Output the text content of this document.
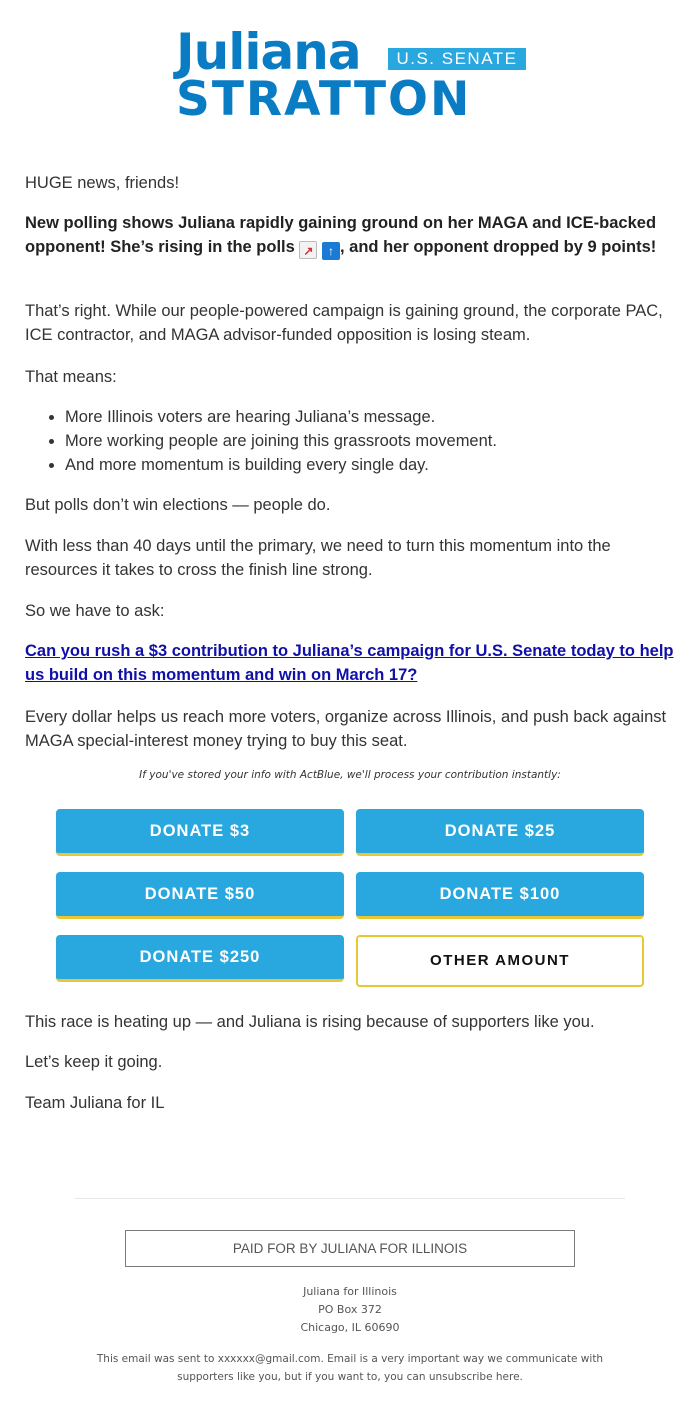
Juliana	U.S. SENATE
STRATTON

HUGE news, friends!

New polling shows Juliana rapidly gaining ground on her MAGA and ICE-backed opponent! She’s rising in the polls ↗ ↑ , and her opponent dropped by 9 points!

That’s right. While our people-powered campaign is gaining ground, the corporate PAC, ICE contractor, and MAGA advisor-funded opposition is losing steam.

That means:

• More Illinois voters are hearing Juliana’s message.
• More working people are joining this grassroots movement.
• And more momentum is building every single day.

But polls don’t win elections — people do.

With less than 40 days until the primary, we need to turn this momentum into the resources it takes to cross the finish line strong.

So we have to ask:

Can you rush a $3 contribution to Juliana’s campaign for U.S. Senate today to help us build on this momentum and win on March 17?

Every dollar helps us reach more voters, organize across Illinois, and push back against MAGA special-interest money trying to buy this seat.

If you've stored your info with ActBlue, we'll process your contribution instantly:
DONATE $3	DONATE $25
DONATE $50	DONATE $100
DONATE $250	OTHER AMOUNT

This race is heating up — and Juliana is rising because of supporters like you.

Let’s keep it going.

Team Juliana for IL

PAID FOR BY JULIANA FOR ILLINOIS
Juliana for Illinois
PO Box 372
Chicago, IL 60690
This email was sent to xxxxxx@gmail.com. Email is a very important way we communicate with supporters like you, but if you want to, you can unsubscribe here.
